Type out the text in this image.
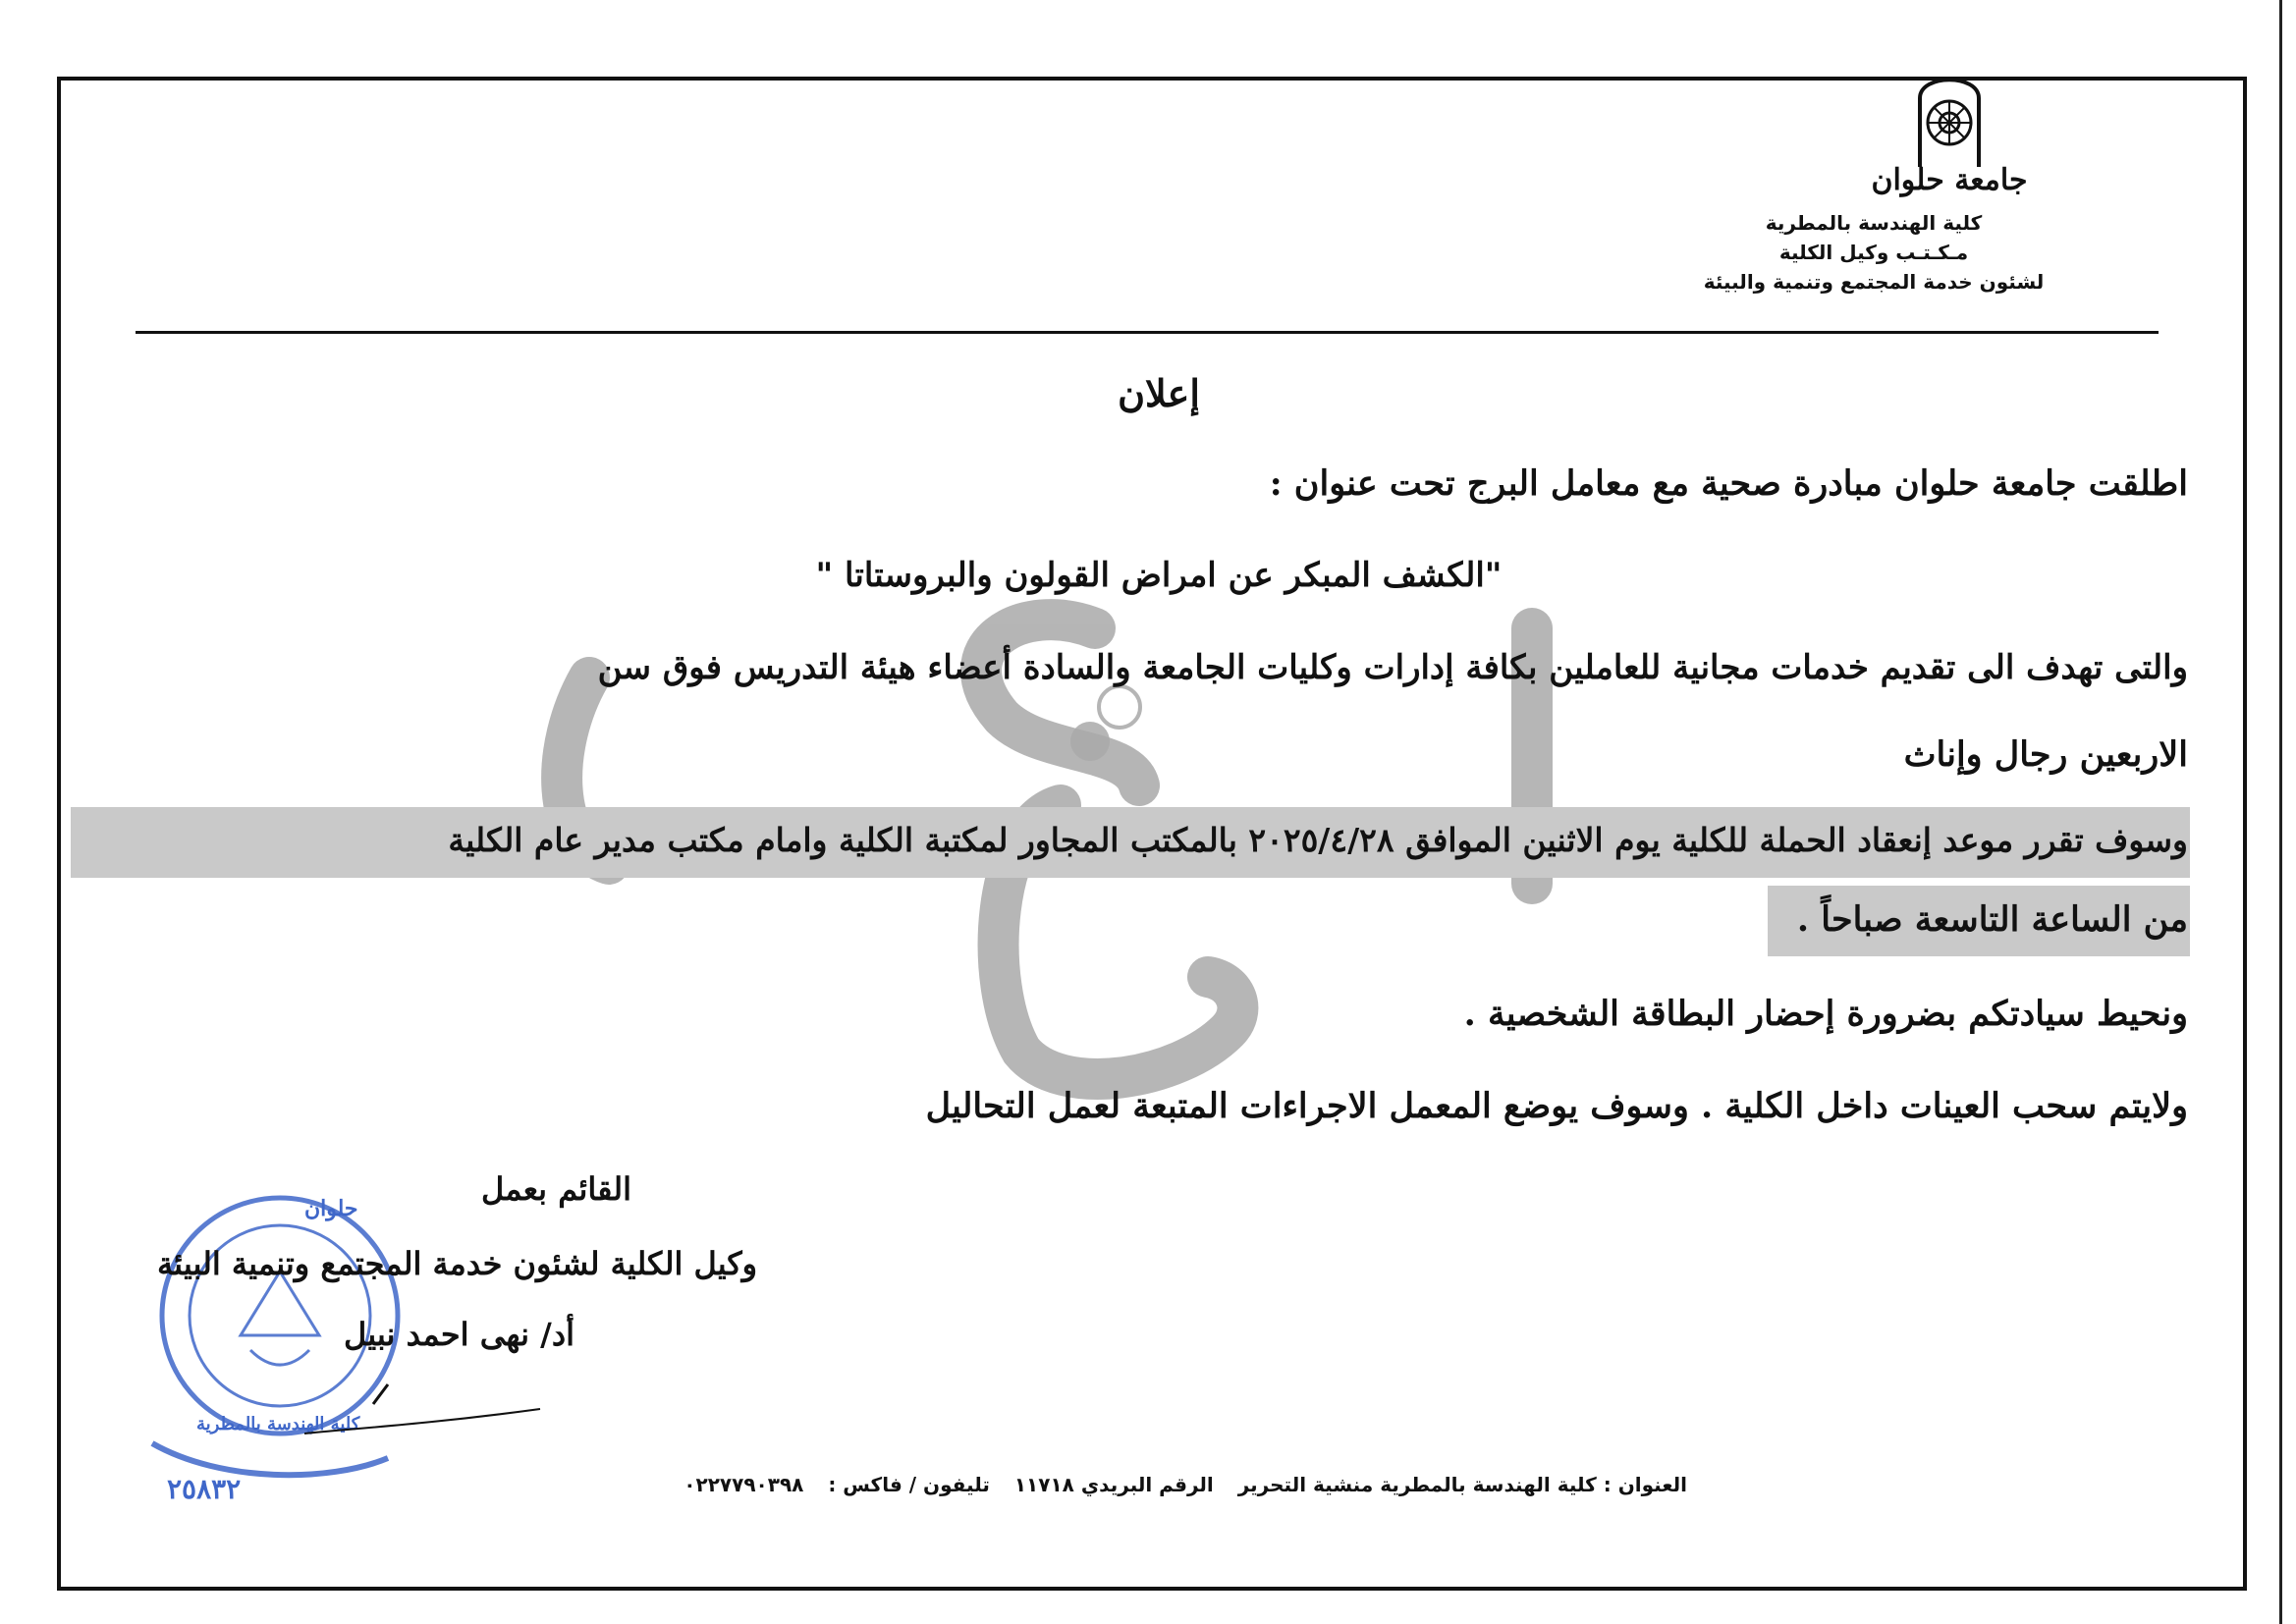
جامعة حلوان
كلية الهندسة بالمطرية
مـكـتـب وكيل الكلية
لشئون خدمة المجتمع وتنمية والبيئة
إعلان
اطلقت جامعة حلوان مبادرة صحية مع معامل البرج تحت عنوان :
"الكشف المبكر عن امراض القولون والبروستاتا "
والتى تهدف الى تقديم خدمات مجانية للعاملين بكافة إدارات وكليات الجامعة والسادة أعضاء هيئة التدريس فوق سن
الاربعين رجال وإناث
وسوف تقرر موعد إنعقاد الحملة للكلية يوم الاثنين الموافق ٢٠٢٥/٤/٢٨ بالمكتب المجاور لمكتبة الكلية وامام مكتب مدير عام الكلية
من الساعة التاسعة صباحاً .
ونحيط سيادتكم بضرورة إحضار البطاقة الشخصية .
ولايتم سحب العينات داخل الكلية . وسوف يوضع المعمل الاجراءات المتبعة لعمل التحاليل
حلوان
كلية الهندسة بالمطرية
٢٥٨٣٢
القائم بعمل
وكيل الكلية لشئون خدمة المجتمع وتنمية البيئة
أد/ نهى احمد نبيل
العنوان : كلية الهندسة بالمطرية منشية التحرير الرقم البريدي ١١٧١٨ تليفون / فاكس : ٠٢٢٧٧٩٠٣٩٨
